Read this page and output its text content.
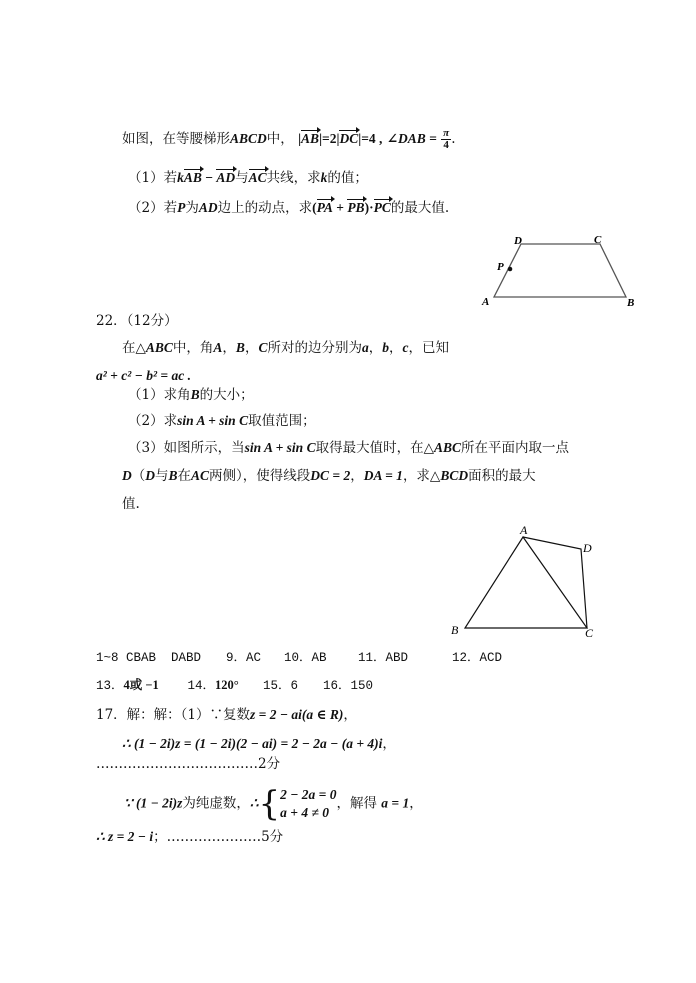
如图，在等腰梯形ABCD中， |AB|=2|DC|=4 , ∠DAB = $\frac{\pi}{4}$ .
（1）若kAB − AD与AC共线，求k的值；
（2）若P为AD边上的动点，求(PA + PB)·PC的最大值.
A	B
C
D
P
22．（12分）
在△ABC中，角A，B，C所对的边分别为a，b，c，已知
a² + c² − b² = ac .
（1）求角B的大小；
（2）求sin A + sin C取值范围；
（3）如图所示，当sin A + sin C取得最大值时，在△ABC所在平面内取一点
D（D与B在AC两侧），使得线段DC = 2，DA = 1，求△BCD面积的最大
值.
A
B	C
D
1~8 CBAB  DABD 9．AC 10．AB	11．ABD	12．ACD
13．4或 −1 14．120° 15．6 16．150
17．解：解：（1）∵复数z = 2 − ai(a ∈ R)，
∴ (1 − 2i)z = (1 − 2i)(2 − ai) = 2 − 2a − (a + 4)i，
………………………………2分
∵ (1 − 2i)z为纯虚数，∴{ 2 − 2a = 0
a + 4 ≠ 0
，解得 a = 1，
∴ z = 2 − i；…………………5分
